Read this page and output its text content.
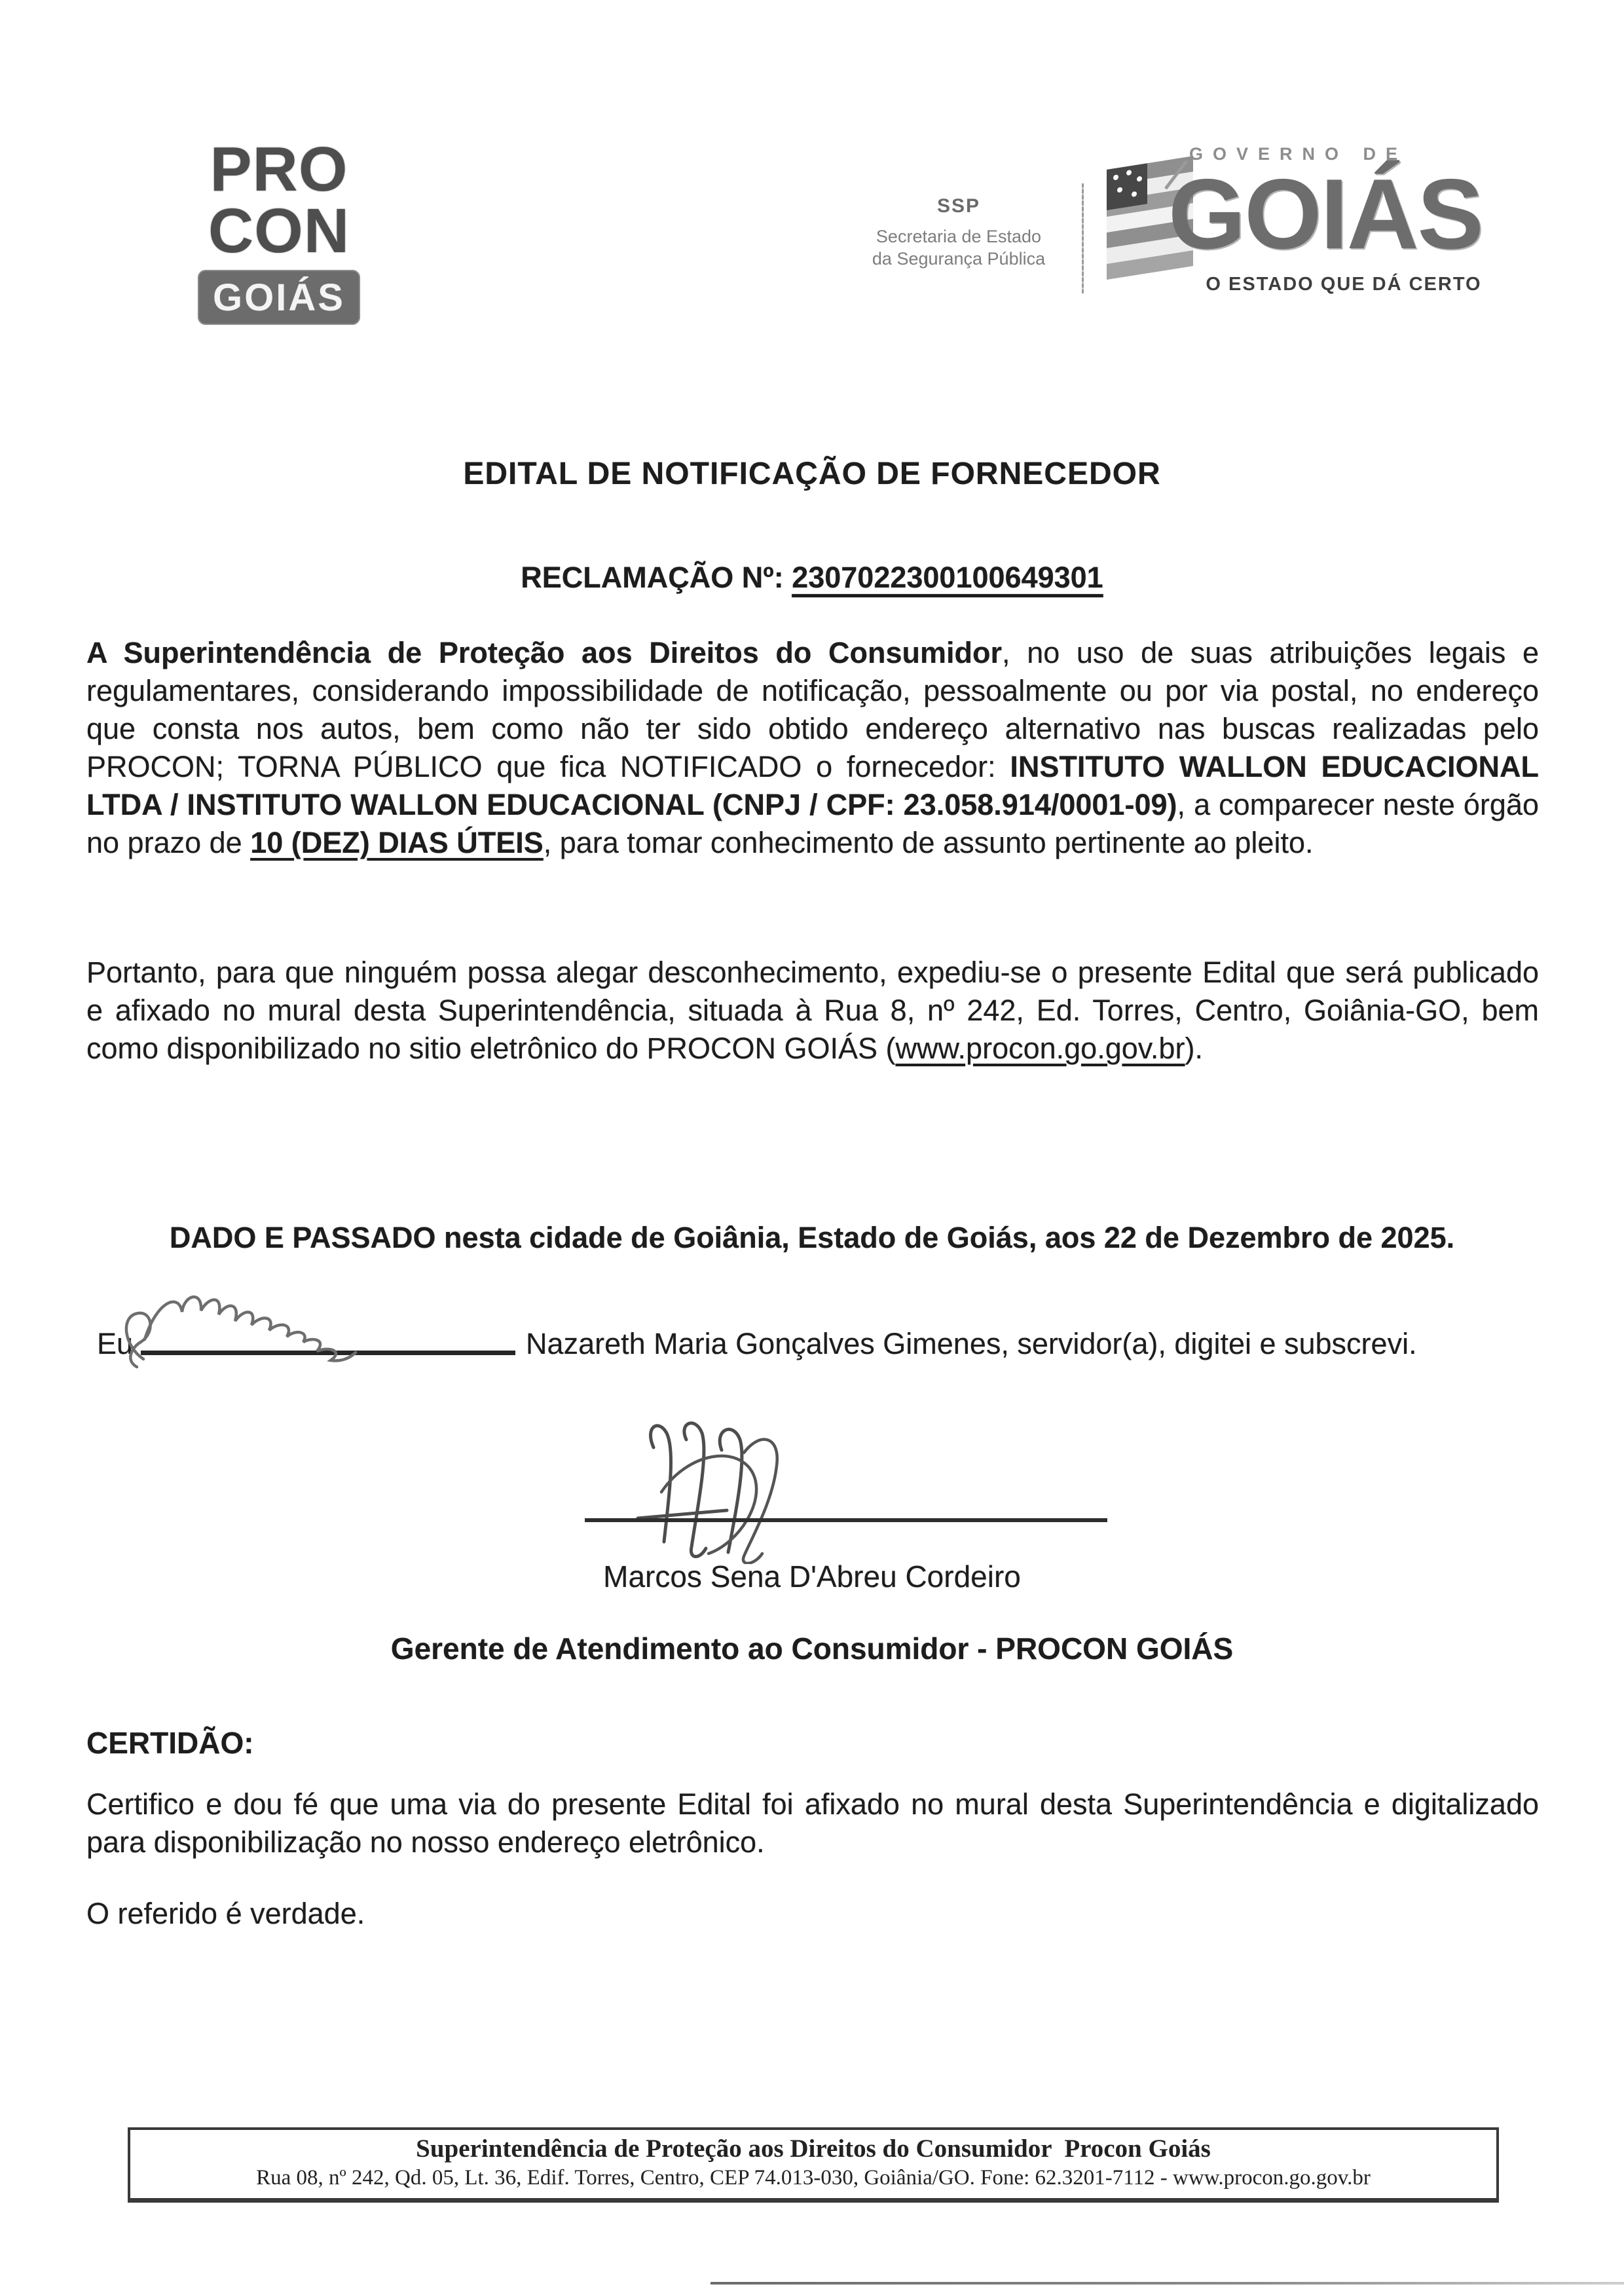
PRO
CON
GOIÁS
SSP
Secretaria de Estado
da Segurança Pública
GOVERNO DE
GOIÁS
O ESTADO QUE DÁ CERTO
EDITAL DE NOTIFICAÇÃO DE FORNECEDOR
RECLAMAÇÃO Nº: 2307022300100649301
A Superintendência de Proteção aos Direitos do Consumidor, no uso de suas atribuições legais e regulamentares, considerando impossibilidade de notificação, pessoalmente ou por via postal, no endereço que consta nos autos, bem como não ter sido obtido endereço alternativo nas buscas realizadas pelo PROCON; TORNA PÚBLICO que fica NOTIFICADO o fornecedor: INSTITUTO WALLON EDUCACIONAL LTDA / INSTITUTO WALLON EDUCACIONAL (CNPJ / CPF: 23.058.914/0001-09), a comparecer neste órgão no prazo de 10 (DEZ) DIAS ÚTEIS, para tomar conhecimento de assunto pertinente ao pleito.
Portanto, para que ninguém possa alegar desconhecimento, expediu-se o presente Edital que será publicado e afixado no mural desta Superintendência, situada à Rua 8, nº 242, Ed. Torres, Centro, Goiânia-GO, bem como disponibilizado no sitio eletrônico do PROCON GOIÁS (www.procon.go.gov.br).
DADO E PASSADO nesta cidade de Goiânia, Estado de Goiás, aos 22 de Dezembro de 2025.
Eu	Nazareth Maria Gonçalves Gimenes, servidor(a), digitei e subscrevi.
Marcos Sena D'Abreu Cordeiro
Gerente de Atendimento ao Consumidor - PROCON GOIÁS
CERTIDÃO:
Certifico e dou fé que uma via do presente Edital foi afixado no mural desta Superintendência e digitalizado para disponibilização no nosso endereço eletrônico.
O referido é verdade.
Superintendência de Proteção aos Direitos do Consumidor  Procon Goiás
Rua 08, nº 242, Qd. 05, Lt. 36, Edif. Torres, Centro, CEP 74.013-030, Goiânia/GO. Fone: 62.3201-7112 - www.procon.go.gov.br
